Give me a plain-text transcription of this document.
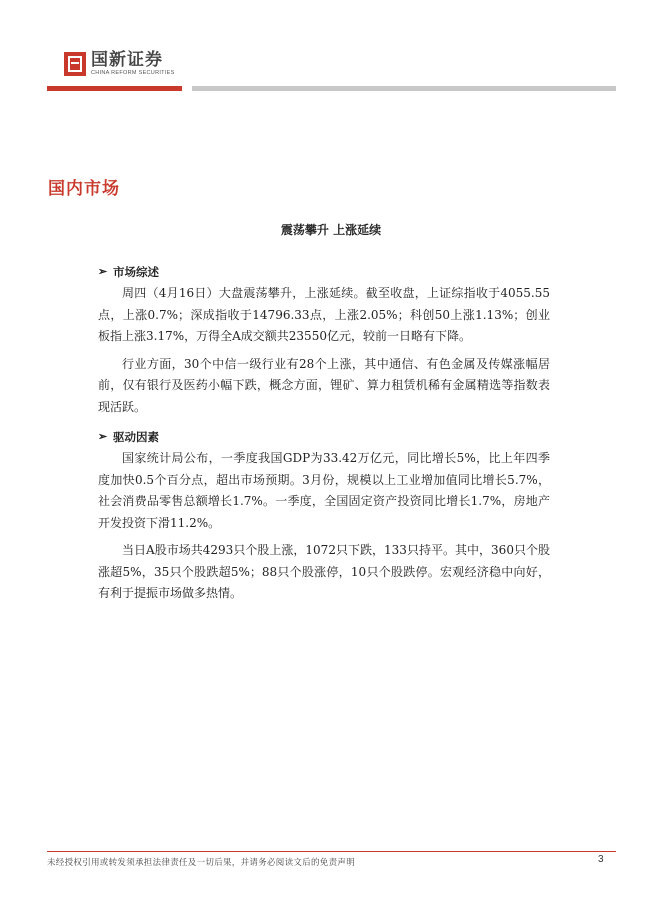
国新证券
CHINA REFORM SECURITIES
国内市场
震荡攀升 上涨延续
➢ 市场综述

周四（4月16日）大盘震荡攀升，上涨延续。截至收盘，上证综指收于4055.55点，上涨0.7%；深成指收于14796.33点，上涨2.05%；科创50上涨1.13%；创业板指上涨3.17%，万得全A成交额共23550亿元，较前一日略有下降。

行业方面，30个中信一级行业有28个上涨，其中通信、有色金属及传媒涨幅居前，仅有银行及医药小幅下跌，概念方面，锂矿、算力租赁机稀有金属精选等指数表现活跃。

➢ 驱动因素

国家统计局公布，一季度我国GDP为33.42万亿元，同比增长5%，比上年四季度加快0.5个百分点，超出市场预期。3月份，规模以上工业增加值同比增长5.7%，社会消费品零售总额增长1.7%。一季度，全国固定资产投资同比增长1.7%，房地产开发投资下滑11.2%。

当日A股市场共4293只个股上涨，1072只下跌，133只持平。其中，360只个股涨超5%，35只个股跌超5%；88只个股涨停，10只个股跌停。宏观经济稳中向好，有利于提振市场做多热情。

未经授权引用或转发须承担法律责任及一切后果，并请务必阅读文后的免责声明	3
